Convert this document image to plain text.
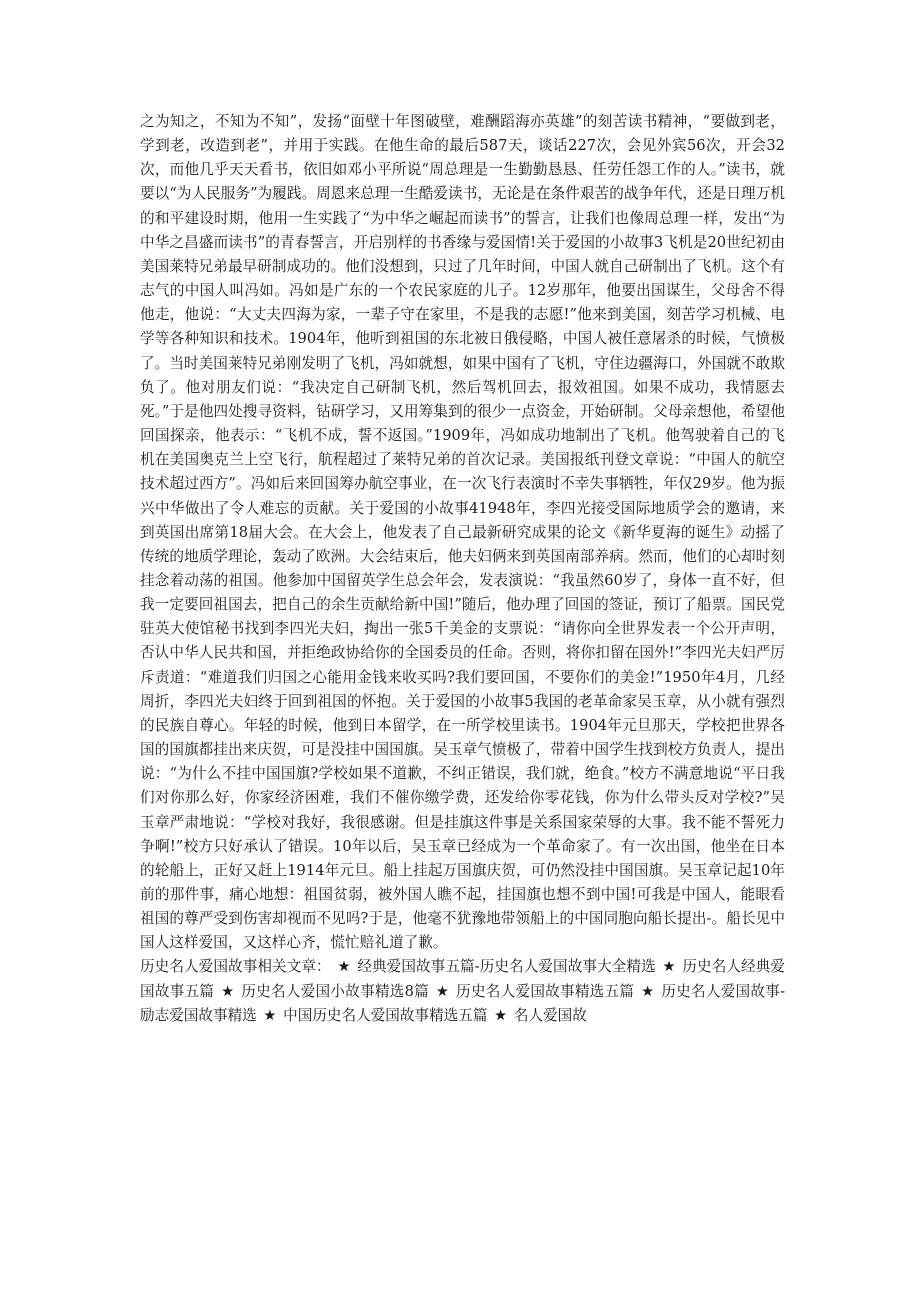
之为知之，不知为不知”，发扬“面壁十年图破壁，难酬蹈海亦英雄”的刻苦读书精神，“要做到老，学到老，改造到老”，并用于实践。在他生命的最后587天，谈话227次，会见外宾56次，开会32次，而他几乎天天看书，依旧如邓小平所说“周总理是一生勤勤恳恳、任劳任怨工作的人。”读书，就要以“为人民服务”为履践。周恩来总理一生酷爱读书，无论是在条件艰苦的战争年代，还是日理万机的和平建设时期，他用一生实践了“为中华之崛起而读书”的誓言，让我们也像周总理一样，发出“为中华之昌盛而读书”的青春誓言，开启别样的书香缘与爱国情!关于爱国的小故事3飞机是20世纪初由美国莱特兄弟最早研制成功的。他们没想到，只过了几年时间，中国人就自己研制出了飞机。这个有志气的中国人叫冯如。冯如是广东的一个农民家庭的儿子。12岁那年，他要出国谋生，父母舍不得他走，他说：“大丈夫四海为家，一辈子守在家里，不是我的志愿!”他来到美国，刻苦学习机械、电学等各种知识和技术。1904年，他听到祖国的东北被日俄侵略，中国人被任意屠杀的时候，气愤极了。当时美国莱特兄弟刚发明了飞机，冯如就想，如果中国有了飞机，守住边疆海口，外国就不敢欺负了。他对朋友们说：“我决定自己研制飞机，然后驾机回去，报效祖国。如果不成功，我情愿去死。”于是他四处搜寻资料，钻研学习，又用筹集到的很少一点资金，开始研制。父母亲想他，希望他回国探亲，他表示：“飞机不成，誓不返国。”1909年，冯如成功地制出了飞机。他驾驶着自己的飞机在美国奥克兰上空飞行，航程超过了莱特兄弟的首次记录。美国报纸刊登文章说：“中国人的航空技术超过西方”。冯如后来回国筹办航空事业，在一次飞行表演时不幸失事牺牲，年仅29岁。他为振兴中华做出了令人难忘的贡献。关于爱国的小故事41948年，李四光接受国际地质学会的邀请，来到英国出席第18届大会。在大会上，他发表了自己最新研究成果的论文《新华夏海的诞生》动摇了传统的地质学理论，轰动了欧洲。大会结束后，他夫妇俩来到英国南部养病。然而，他们的心却时刻挂念着动荡的祖国。他参加中国留英学生总会年会，发表演说：“我虽然60岁了，身体一直不好，但我一定要回祖国去，把自己的余生贡献给新中国!”随后，他办理了回国的签证，预订了船票。国民党驻英大使馆秘书找到李四光夫妇，掏出一张5千美金的支票说：“请你向全世界发表一个公开声明，否认中华人民共和国，并拒绝政协给你的全国委员的任命。否则，将你扣留在国外!”李四光夫妇严厉斥责道：“难道我们归国之心能用金钱来收买吗?我们要回国，不要你们的美金!”1950年4月，几经周折，李四光夫妇终于回到祖国的怀抱。关于爱国的小故事5我国的老革命家吴玉章，从小就有强烈的民族自尊心。年轻的时候，他到日本留学，在一所学校里读书。1904年元旦那天，学校把世界各国的国旗都挂出来庆贺，可是没挂中国国旗。吴玉章气愤极了，带着中国学生找到校方负责人，提出说：“为什么不挂中国国旗?学校如果不道歉，不纠正错误，我们就，绝食。”校方不满意地说“平日我们对你那么好，你家经济困难，我们不催你缴学费，还发给你零花钱，你为什么带头反对学校?”吴玉章严肃地说：“学校对我好，我很感谢。但是挂旗这件事是关系国家荣辱的大事。我不能不誓死力争啊!”校方只好承认了错误。10年以后，吴玉章已经成为一个革命家了。有一次出国，他坐在日本的轮船上，正好又赶上1914年元旦。船上挂起万国旗庆贺，可仍然没挂中国国旗。吴玉章记起10年前的那件事，痛心地想：祖国贫弱，被外国人瞧不起，挂国旗也想不到中国!可我是中国人，能眼看祖国的尊严受到伤害却视而不见吗?于是，他毫不犹豫地带领船上的中国同胞向船长提出-。船长见中国人这样爱国，又这样心齐，慌忙赔礼道了歉。

历史名人爱国故事相关文章： ★ 经典爱国故事五篇-历史名人爱国故事大全精选 ★ 历史名人经典爱国故事五篇 ★ 历史名人爱国小故事精选8篇 ★ 历史名人爱国故事精选五篇 ★ 历史名人爱国故事-励志爱国故事精选 ★ 中国历史名人爱国故事精选五篇 ★ 名人爱国故
